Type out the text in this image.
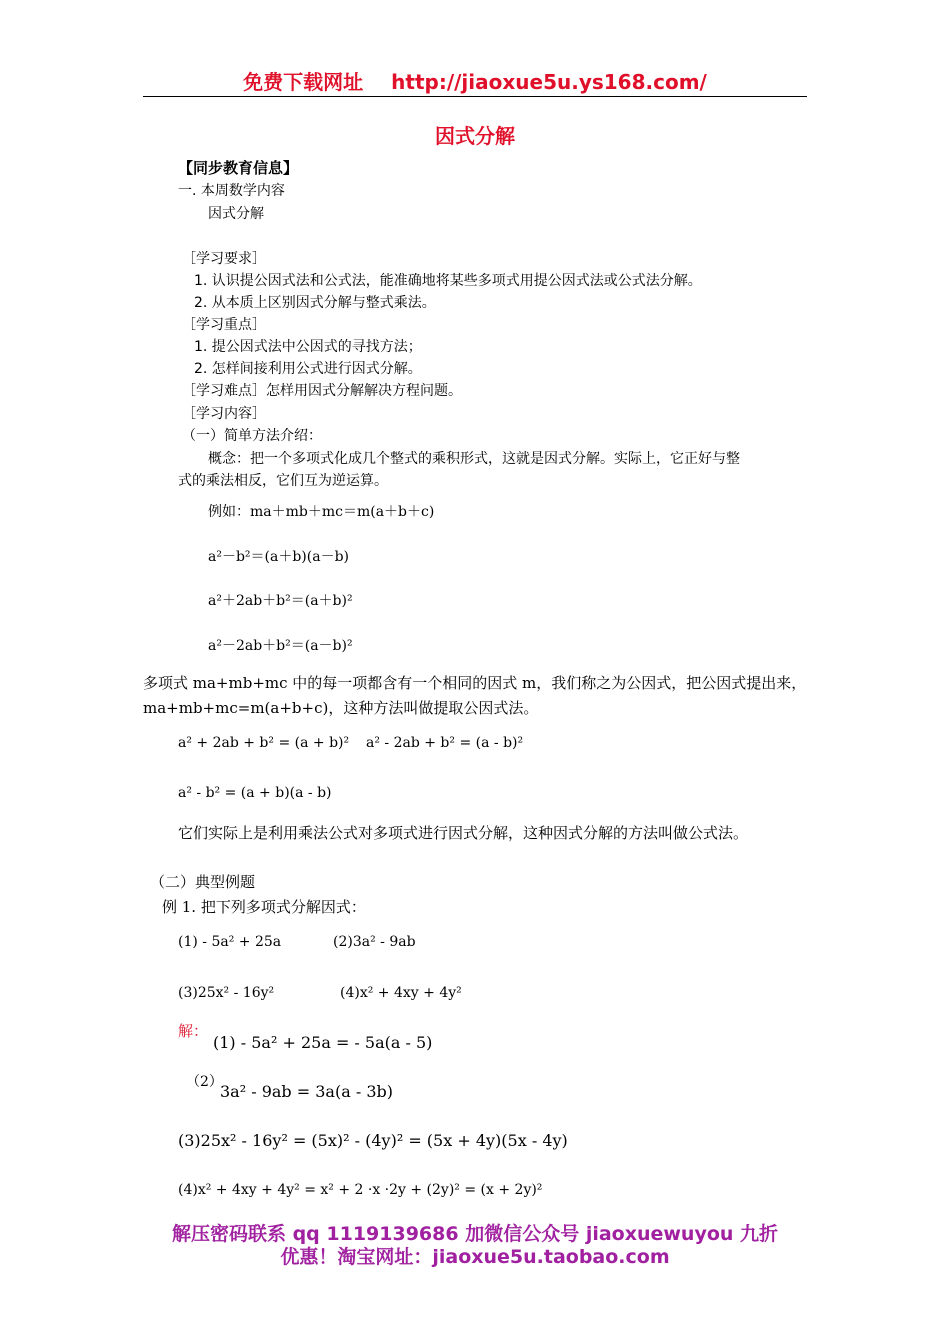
免费下载网址 http://jiaoxue5u.ys168.com/
因式分解
【同步教育信息】
一. 本周数学内容
因式分解
［学习要求］
1. 认识提公因式法和公式法，能准确地将某些多项式用提公因式法或公式法分解。
2. 从本质上区别因式分解与整式乘法。
［学习重点］
1. 提公因式法中公因式的寻找方法；
2. 怎样间接利用公式进行因式分解。
［学习难点］怎样用因式分解解决方程问题。
［学习内容］
（一）简单方法介绍：
概念：把一个多项式化成几个整式的乘积形式，这就是因式分解。实际上，它正好与整
式的乘法相反，它们互为逆运算。
例如：ma＋mb＋mc＝m(a＋b＋c)
a²－b²＝(a＋b)(a－b)
a²＋2ab＋b²＝(a＋b)²
a²－2ab＋b²＝(a－b)²
多项式 ma+mb+mc 中的每一项都含有一个相同的因式 m，我们称之为公因式，把公因式提出来，
ma+mb+mc=m(a+b+c)，这种方法叫做提取公因式法。
a² + 2ab + b² = (a + b)² a² - 2ab + b² = (a - b)²
a² - b² = (a + b)(a - b)
它们实际上是利用乘法公式对多项式进行因式分解，这种因式分解的方法叫做公式法。
（二）典型例题
例 1. 把下列多项式分解因式：
(1) - 5a² + 25a	(2)3a² - 9ab
(3)25x² - 16y²	(4)x² + 4xy + 4y²
解：
(1) - 5a² + 25a = - 5a(a - 5)
（2）
3a² - 9ab = 3a(a - 3b)
(3)25x² - 16y² = (5x)² - (4y)² = (5x + 4y)(5x - 4y)
(4)x² + 4xy + 4y² = x² + 2 ·x ·2y + (2y)² = (x + 2y)²
解压密码联系 qq 1119139686 加微信公众号 jiaoxuewuyou 九折
优惠！淘宝网址：jiaoxue5u.taobao.com
